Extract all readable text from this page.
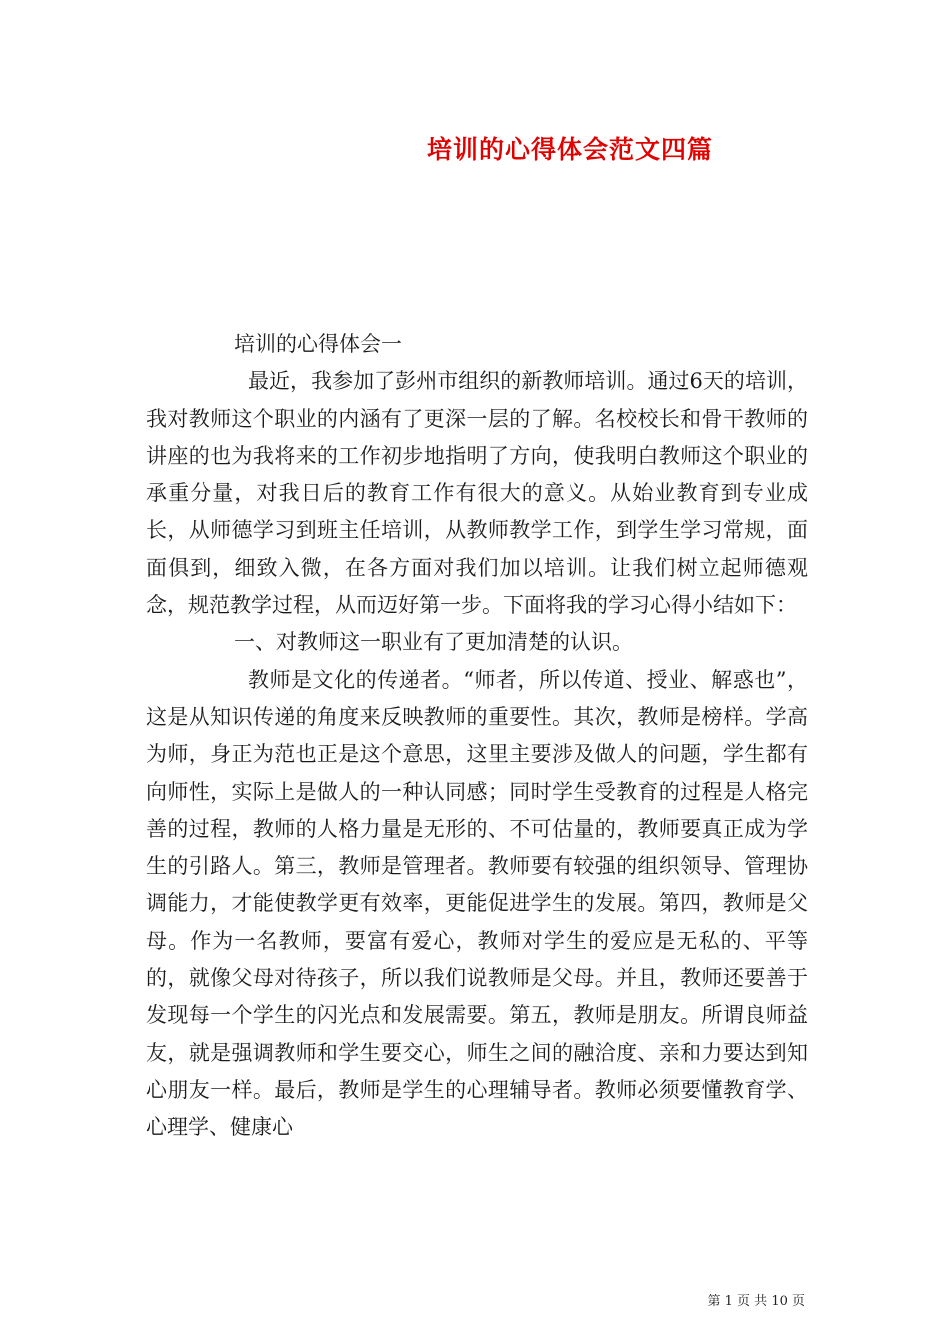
培训的心得体会范文四篇

培训的心得体会一

最近，我参加了彭州市组织的新教师培训。通过6天的培训，我对教师这个职业的内涵有了更深一层的了解。名校校长和骨干教师的讲座的也为我将来的工作初步地指明了方向，使我明白教师这个职业的承重分量，对我日后的教育工作有很大的意义。从始业教育到专业成长，从师德学习到班主任培训，从教师教学工作，到学生学习常规，面面俱到，细致入微，在各方面对我们加以培训。让我们树立起师德观念，规范教学过程，从而迈好第一步。下面将我的学习心得小结如下：

一、对教师这一职业有了更加清楚的认识。

教师是文化的传递者。“师者，所以传道、授业、解惑也”，这是从知识传递的角度来反映教师的重要性。其次，教师是榜样。学高为师，身正为范也正是这个意思，这里主要涉及做人的问题，学生都有向师性，实际上是做人的一种认同感；同时学生受教育的过程是人格完善的过程，教师的人格力量是无形的、不可估量的，教师要真正成为学生的引路人。第三，教师是管理者。教师要有较强的组织领导、管理协调能力，才能使教学更有效率，更能促进学生的发展。第四，教师是父母。作为一名教师，要富有爱心，教师对学生的爱应是无私的、平等的，就像父母对待孩子，所以我们说教师是父母。并且，教师还要善于发现每一个学生的闪光点和发展需要。第五，教师是朋友。所谓良师益友，就是强调教师和学生要交心，师生之间的融洽度、亲和力要达到知心朋友一样。最后，教师是学生的心理辅导者。教师必须要懂教育学、心理学、健康心

第 1 页 共 10 页
